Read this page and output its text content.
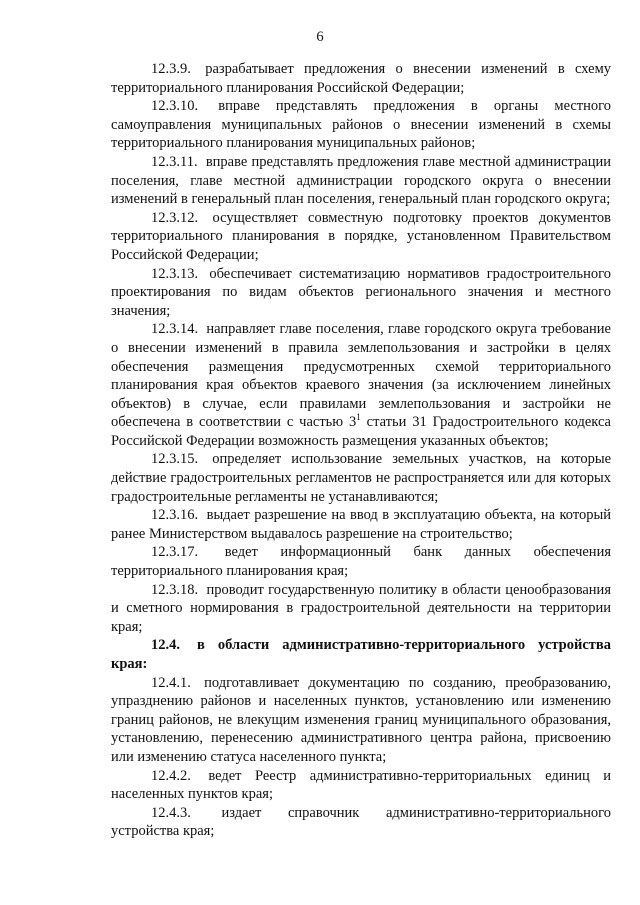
6

12.3.9. разрабатывает предложения о внесении изменений в схему территориального планирования Российской Федерации;

12.3.10. вправе представлять предложения в органы местного самоуправления муниципальных районов о внесении изменений в схемы территориального планирования муниципальных районов;

12.3.11. вправе представлять предложения главе местной администрации поселения, главе местной администрации городского округа о внесении изменений в генеральный план поселения, генеральный план городского округа;

12.3.12. осуществляет совместную подготовку проектов документов территориального планирования в порядке, установленном Правительством Российской Федерации;

12.3.13. обеспечивает систематизацию нормативов градостроительного проектирования по видам объектов регионального значения и местного значения;

12.3.14. направляет главе поселения, главе городского округа требование о внесении изменений в правила землепользования и застройки в целях обеспечения размещения предусмотренных схемой территориального планирования края объектов краевого значения (за исключением линейных объектов) в случае, если правилами землепользования и застройки не обеспечена в соответствии с частью $3^1$ статьи 31 Градостроительного кодекса Российской Федерации возможность размещения указанных объектов;

12.3.15. определяет использование земельных участков, на которые действие градостроительных регламентов не распространяется или для которых градостроительные регламенты не устанавливаются;

12.3.16. выдает разрешение на ввод в эксплуатацию объекта, на который ранее Министерством выдавалось разрешение на строительство;

12.3.17. ведет информационный банк данных обеспечения территориального планирования края;

12.3.18. проводит государственную политику в области ценообразования и сметного нормирования в градостроительной деятельности на территории края;

12.4. в области административно-территориального устройства края:

12.4.1. подготавливает документацию по созданию, преобразованию, упразднению районов и населенных пунктов, установлению или изменению границ районов, не влекущим изменения границ муниципального образования, установлению, перенесению административного центра района, присвоению или изменению статуса населенного пункта;

12.4.2. ведет Реестр административно-территориальных единиц и населенных пунктов края;

12.4.3. издает справочник административно-территориального устройства края;
